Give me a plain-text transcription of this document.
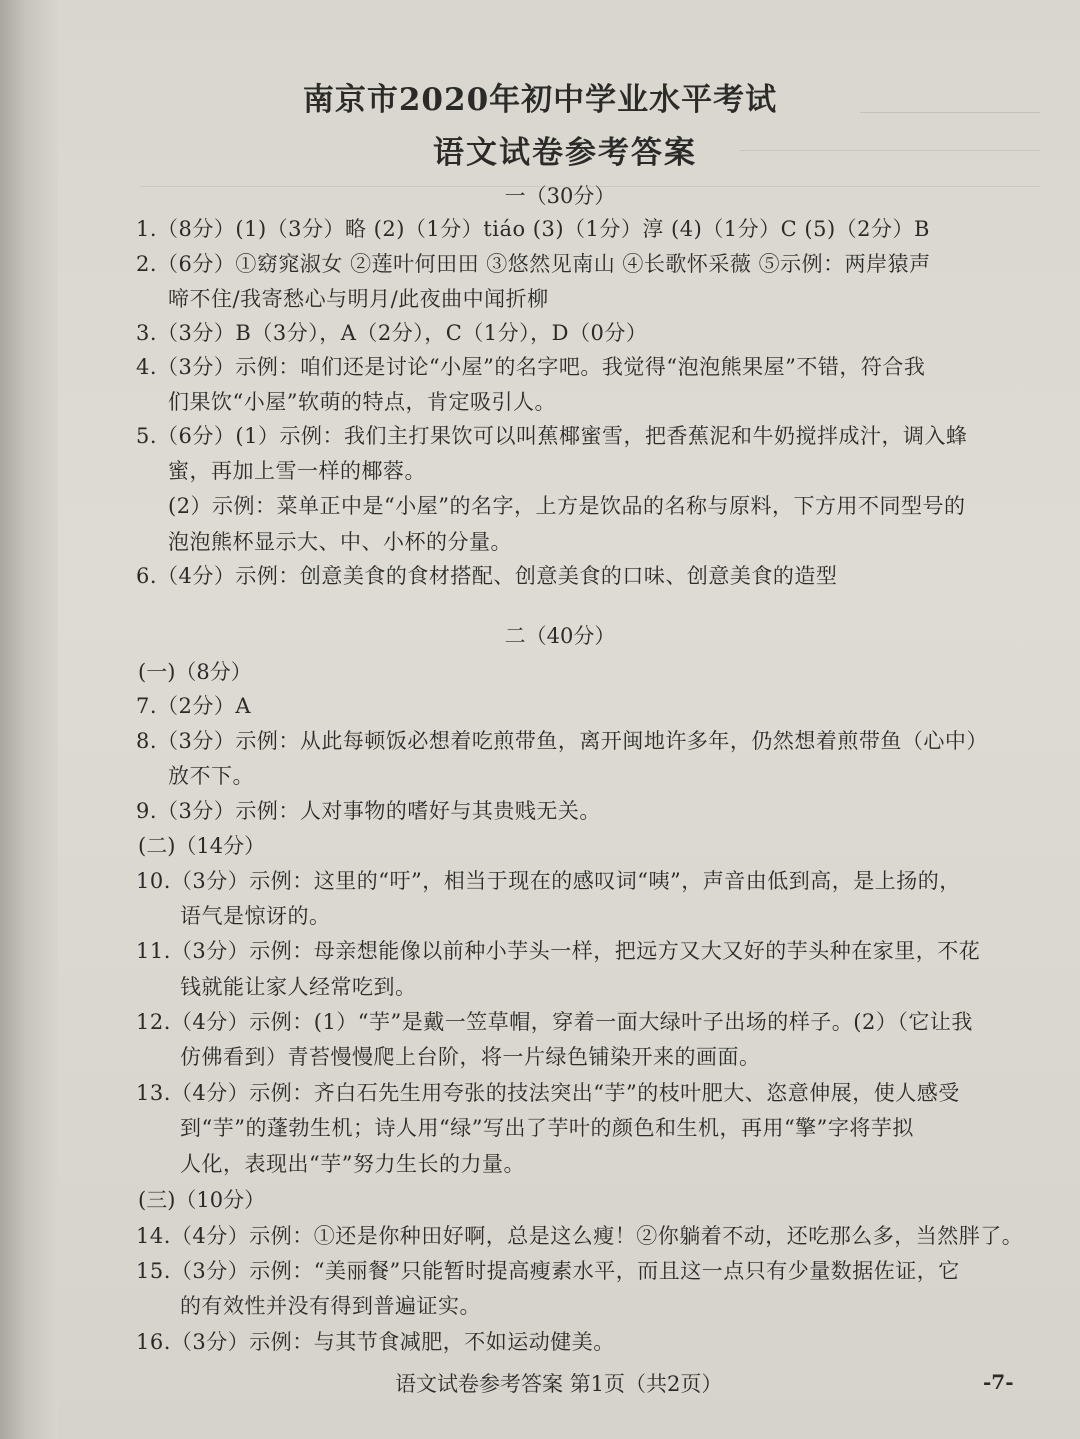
南京市2020年初中学业水平考试
语文试卷参考答案
一（30分）
1.（8分）(1)（3分）略 (2)（1分）tiáo (3)（1分）淳 (4)（1分）C (5)（2分）B
2.（6分）①窈窕淑女 ②莲叶何田田 ③悠然见南山 ④长歌怀采薇 ⑤示例：两岸猿声
啼不住/我寄愁心与明月/此夜曲中闻折柳
3.（3分）B（3分），A（2分），C（1分），D（0分）
4.（3分）示例：咱们还是讨论“小屋”的名字吧。我觉得“泡泡熊果屋”不错，符合我
们果饮“小屋”软萌的特点，肯定吸引人。
5.（6分）(1）示例：我们主打果饮可以叫蕉椰蜜雪，把香蕉泥和牛奶搅拌成汁，调入蜂
蜜，再加上雪一样的椰蓉。
(2）示例：菜单正中是“小屋”的名字，上方是饮品的名称与原料，下方用不同型号的
泡泡熊杯显示大、中、小杯的分量。
6.（4分）示例：创意美食的食材搭配、创意美食的口味、创意美食的造型
二（40分）
(一)（8分）
7.（2分）A
8.（3分）示例：从此每顿饭必想着吃煎带鱼，离开闽地许多年，仍然想着煎带鱼（心中）
放不下。
9.（3分）示例：人对事物的嗜好与其贵贱无关。
(二)（14分）
10.（3分）示例：这里的“吁”，相当于现在的感叹词“咦”，声音由低到高，是上扬的，
语气是惊讶的。
11.（3分）示例：母亲想能像以前种小芋头一样，把远方又大又好的芋头种在家里，不花
钱就能让家人经常吃到。
12.（4分）示例：(1）“芋”是戴一笠草帽，穿着一面大绿叶子出场的样子。(2）（它让我
仿佛看到）青苔慢慢爬上台阶，将一片绿色铺染开来的画面。
13.（4分）示例：齐白石先生用夸张的技法突出“芋”的枝叶肥大、恣意伸展，使人感受
到“芋”的蓬勃生机；诗人用“绿”写出了芋叶的颜色和生机，再用“擎”字将芋拟
人化，表现出“芋”努力生长的力量。
(三)（10分）
14.（4分）示例：①还是你种田好啊，总是这么瘦！②你躺着不动，还吃那么多，当然胖了。
15.（3分）示例：“美丽餐”只能暂时提高瘦素水平，而且这一点只有少量数据佐证，它
的有效性并没有得到普遍证实。
16.（3分）示例：与其节食减肥，不如运动健美。
语文试卷参考答案 第1页（共2页）	-7-
